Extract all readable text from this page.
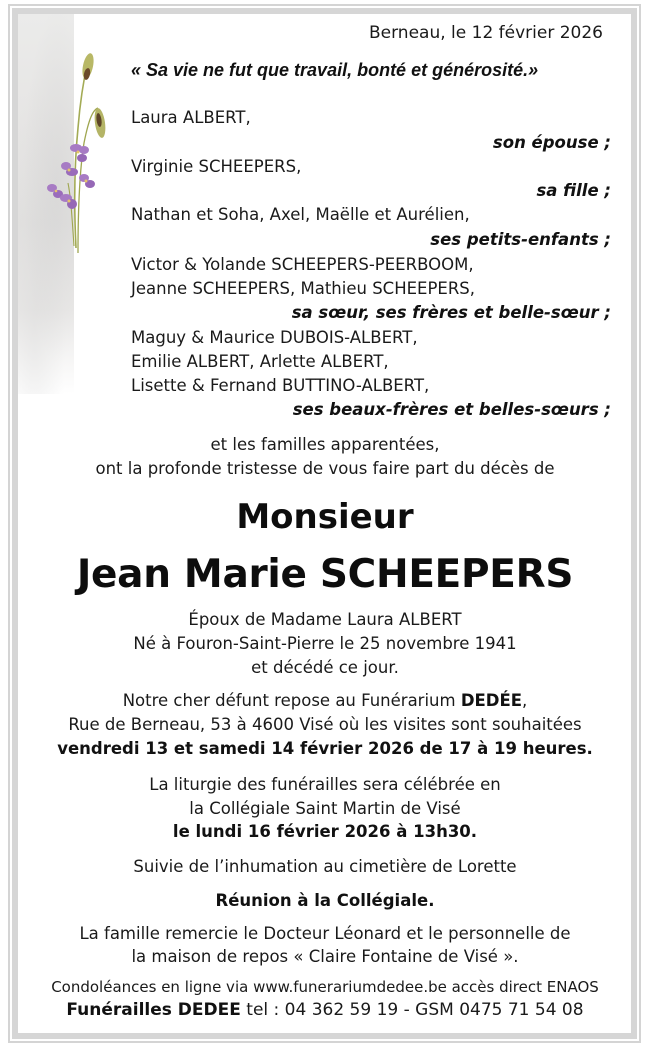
Berneau, le 12 février 2026
« Sa vie ne fut que travail, bonté et générosité.»
Laura ALBERT,
son épouse ;
Virginie SCHEEPERS,
sa fille ;
Nathan et Soha, Axel, Maëlle et Aurélien,
ses petits-enfants ;
Victor & Yolande SCHEEPERS-PEERBOOM,
Jeanne SCHEEPERS, Mathieu SCHEEPERS,
sa sœur, ses frères et belle-sœur ;
Maguy & Maurice DUBOIS-ALBERT,
Emilie ALBERT, Arlette ALBERT,
Lisette & Fernand BUTTINO-ALBERT,
ses beaux-frères et belles-sœurs ;
et les familles apparentées,
ont la profonde tristesse de vous faire part du décès de
Monsieur
Jean Marie SCHEEPERS
Époux de Madame Laura ALBERT
Né à Fouron-Saint-Pierre le 25 novembre 1941
et décédé ce jour.
Notre cher défunt repose au Funérarium DEDÉE,
Rue de Berneau, 53 à 4600 Visé où les visites sont souhaitées
vendredi 13 et samedi 14 février 2026 de 17 à 19 heures.
La liturgie des funérailles sera célébrée en
la Collégiale Saint Martin de Visé
le lundi 16 février 2026 à 13h30.
Suivie de l’inhumation au cimetière de Lorette
Réunion à la Collégiale.
La famille remercie le Docteur Léonard et le personnelle de
la maison de repos « Claire Fontaine de Visé ».
Condoléances en ligne via www.funerariumdedee.be accès direct ENAOS
Funérailles DEDEE tel : 04 362 59 19 - GSM 0475 71 54 08
